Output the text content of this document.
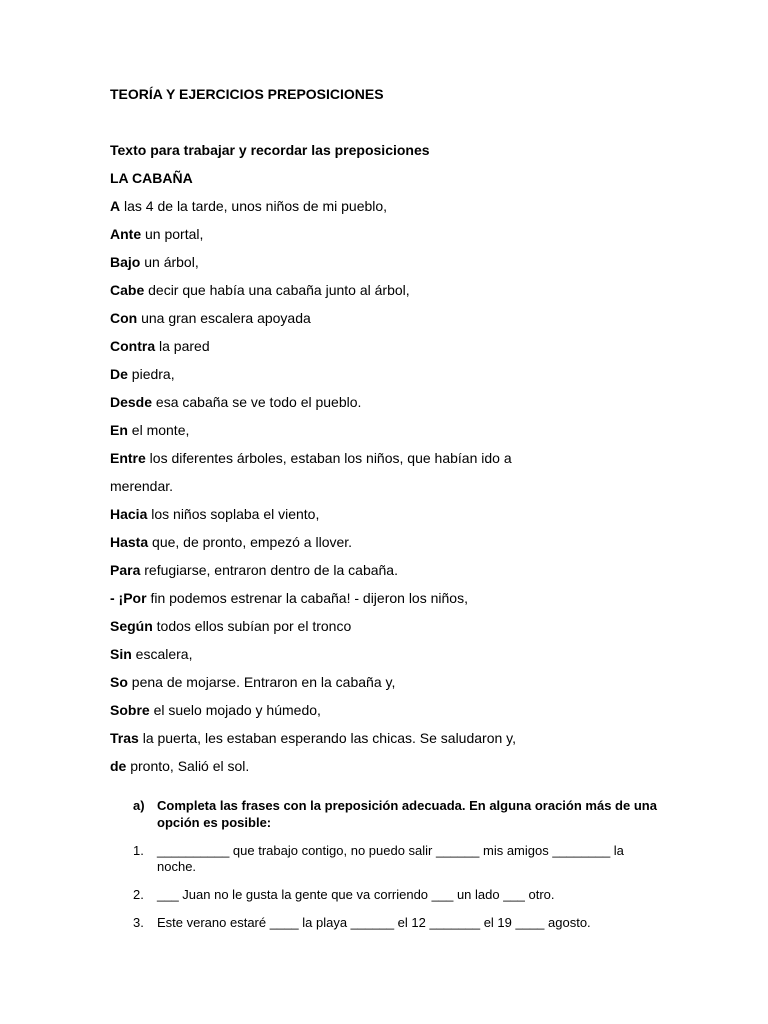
TEORÍA Y EJERCICIOS PREPOSICIONES
Texto para trabajar y recordar las preposiciones
LA CABAÑA
A las 4 de la tarde, unos niños de mi pueblo,
Ante un portal,
Bajo un árbol,
Cabe decir que había una cabaña junto al árbol,
Con una gran escalera apoyada
Contra la pared
De piedra,
Desde esa cabaña se ve todo el pueblo.
En el monte,
Entre los diferentes árboles, estaban los niños, que habían ido a
merendar.
Hacia los niños soplaba el viento,
Hasta que, de pronto, empezó a llover.
Para refugiarse, entraron dentro de la cabaña.
- ¡Por fin podemos estrenar la cabaña! - dijeron los niños,
Según todos ellos subían por el tronco
Sin escalera,
So pena de mojarse. Entraron en la cabaña y,
Sobre el suelo mojado y húmedo,
Tras la puerta, les estaban esperando las chicas. Se saludaron y,
de pronto, Salió el sol.
a) Completa las frases con la preposición adecuada. En alguna oración más de una opción es posible:
1. __________ que trabajo contigo, no puedo salir ______ mis amigos ________ la noche.
2. ___ Juan no le gusta la gente que va corriendo ___ un lado ___ otro.
3. Este verano estaré ____ la playa ______ el 12 _______ el 19 ____ agosto.
